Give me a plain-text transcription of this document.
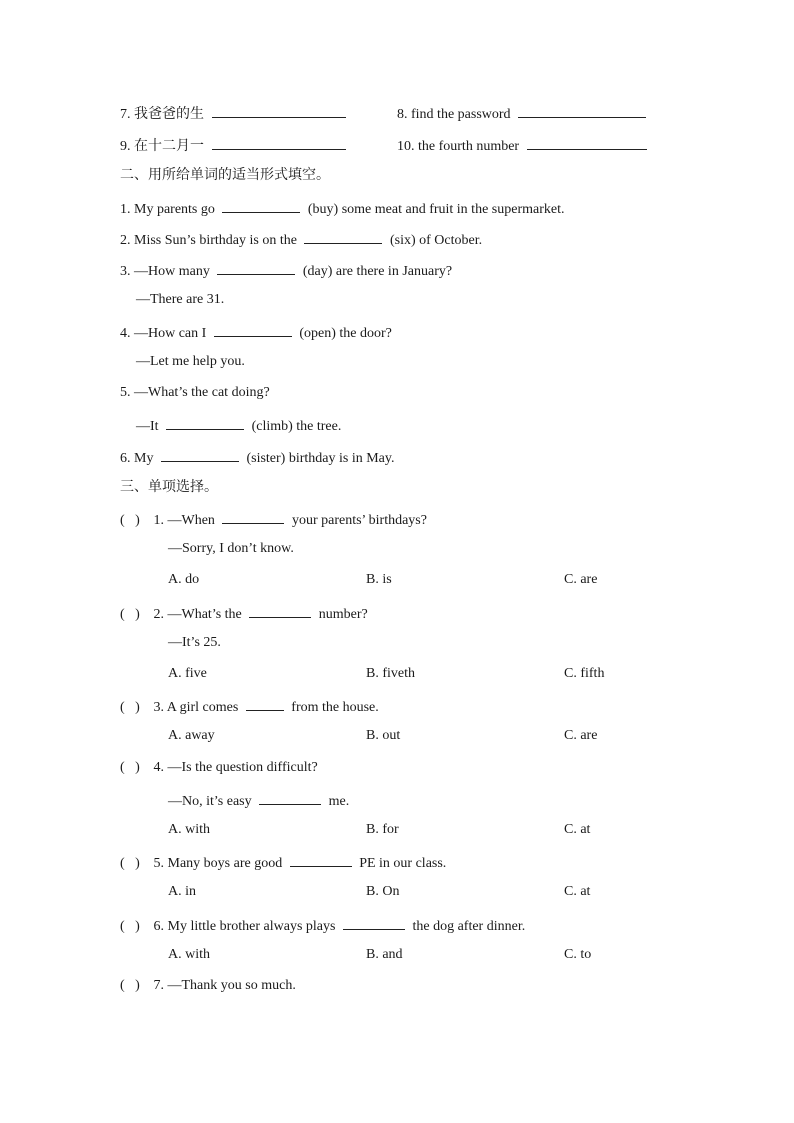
7. 我爸爸的生	8. find the password
9. 在十二月一	10. the fourth number
二、用所给单词的适当形式填空。
1. My parents go	(buy) some meat and fruit in the supermarket.
2. Miss Sun’s birthday is on the	(six) of October.
3. —How many	(day) are there in January?
—There are 31.
4. —How can I	(open) the door?
—Let me help you.
5. —What’s the cat doing?
—It	(climb) the tree.
6. My	(sister) birthday is in May.
三、单项选择。
( ) 1. —When	your parents’ birthdays?
—Sorry, I don’t know.
A. do	B. is	C. are
( ) 2. —What’s the	number?
—It’s 25.
A. five	B. fiveth	C. fifth
( ) 3. A girl comes	from the house.
A. away	B. out	C. are
( ) 4. —Is the question difficult?
—No, it’s easy	me.
A. with	B. for	C. at
( ) 5. Many boys are good	PE in our class.
A. in	B. On	C. at
( ) 6. My little brother always plays	the dog after dinner.
A. with	B. and	C. to
( ) 7. —Thank you so much.
